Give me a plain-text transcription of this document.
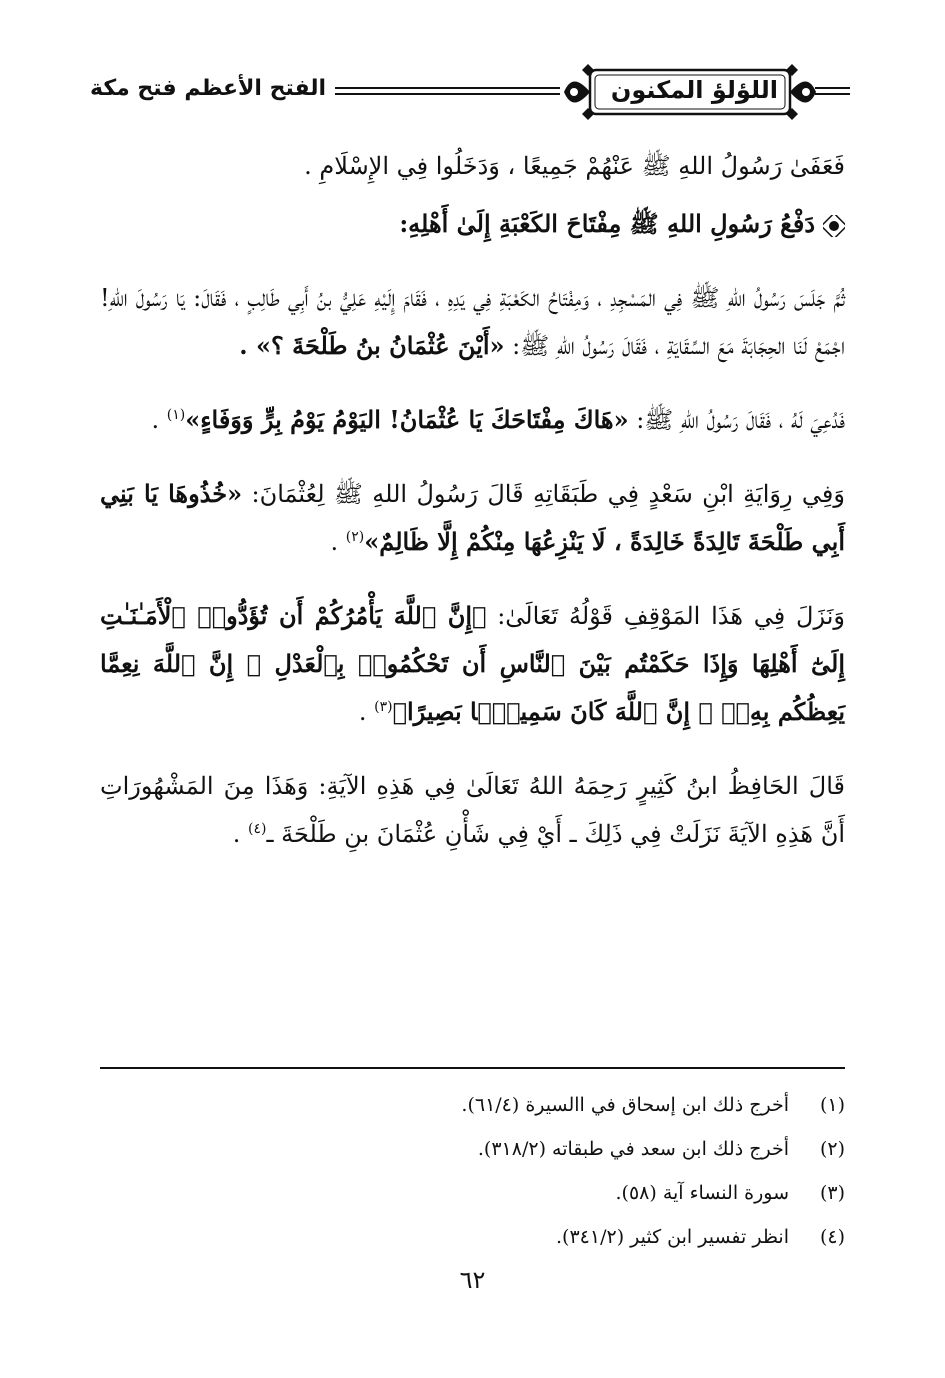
اللؤلؤ المكنون
الفتح الأعظم فتح مكة

فَعَفَىٰ رَسُولُ اللهِ ﷺ عَنْهُمْ جَمِيعًا ، وَدَخَلُوا فِي الإِسْلَامِ .

دَفْعُ رَسُولِ اللهِ ﷺ مِفْتَاحَ الكَعْبَةِ إِلَىٰ أَهْلِهِ:

ثُمَّ جَلَسَ رَسُولُ اللهِ ﷺ فِي المَسْجِدِ ، وَمِفْتَاحُ الكَعْبَةِ فِي يَدِهِ ، فَقَامَ إِلَيْهِ عَلِيُّ بنُ أَبِي طَالِبٍ ، فَقَالَ: يَا رَسُولَ اللهِ! اجْمَعْ لَنَا الحِجَابَةَ مَعَ السِّقَايَةِ ، فَقَالَ رَسُولُ اللهِ ﷺ: «أَيْنَ عُثْمَانُ بنُ طَلْحَةَ ؟» .

فَدُعِيَ لَهُ ، فَقَالَ رَسُولُ اللهِ ﷺ: «هَاكَ مِفْتَاحَكَ يَا عُثْمَانُ! اليَوْمُ يَوْمُ بِرٍّ وَوَفَاءٍ»$^{(١)}$ .

وَفِي رِوَايَةِ ابْنِ سَعْدٍ فِي طَبَقَاتِهِ قَالَ رَسُولُ اللهِ ﷺ لِعُثْمَانَ: «خُذُوهَا يَا بَنِي أَبِي طَلْحَةَ تَالِدَةً خَالِدَةً ، لَا يَنْزِعُهَا مِنْكُمْ إِلَّا ظَالِمٌ»$^{(٢)}$ .

وَنَزَلَ فِي هَذَا المَوْقِفِ قَوْلُهُ تَعَالَىٰ: ﴿إِنَّ ٱللَّهَ يَأْمُرُكُمْ أَن تُؤَدُّوا۟ ٱلْأَمَـٰنَـٰتِ إِلَىٰٓ أَهْلِهَا وَإِذَا حَكَمْتُم بَيْنَ ٱلنَّاسِ أَن تَحْكُمُوا۟ بِٱلْعَدْلِ ۚ إِنَّ ٱللَّهَ نِعِمَّا يَعِظُكُم بِهِۦٓ ۗ إِنَّ ٱللَّهَ كَانَ سَمِيعًۢا بَصِيرًا﴾$^{(٣)}$ .

قَالَ الحَافِظُ ابنُ كَثِيرٍ رَحِمَهُ اللهُ تَعَالَىٰ فِي هَذِهِ الآيَةِ: وَهَذَا مِنَ المَشْهُورَاتِ أَنَّ هَذِهِ الآيَةَ نَزَلَتْ فِي ذَلِكَ ـ أَيْ فِي شَأْنِ عُثْمَانَ بنِ طَلْحَةَ ـ$^{(٤)}$ .

(١)
أخرج ذلك ابن إسحاق في االسيرة (٦١/٤).
(٢)
أخرج ذلك ابن سعد في طبقاته (٣١٨/٢).
(٣)
سورة النساء آية (٥٨).
(٤)
انظر تفسير ابن كثير (٣٤١/٢).
٦٢
